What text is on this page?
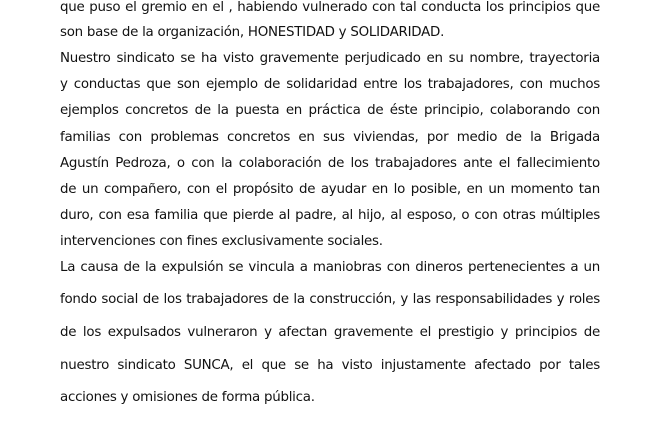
que puso el gremio en el , habiendo vulnerado con tal conducta los principios que
son base de la organización, HONESTIDAD y SOLIDARIDAD.
Nuestro sindicato se ha visto gravemente perjudicado en su nombre, trayectoria
y conductas que son ejemplo de solidaridad entre los trabajadores, con muchos
ejemplos concretos de la puesta en práctica de éste principio, colaborando con
familias con problemas concretos en sus viviendas, por medio de la Brigada
Agustín Pedroza, o con la colaboración de los trabajadores ante el fallecimiento
de un compañero, con el propósito de ayudar en lo posible, en un momento tan
duro, con esa familia que pierde al padre, al hijo, al esposo, o con otras múltiples
intervenciones con fines exclusivamente sociales.
La causa de la expulsión se vincula a maniobras con dineros pertenecientes a un
fondo social de los trabajadores de la construcción, y las responsabilidades y roles
de los expulsados vulneraron y afectan gravemente el prestigio y principios de
nuestro sindicato SUNCA, el que se ha visto injustamente afectado por tales
acciones y omisiones de forma pública.
